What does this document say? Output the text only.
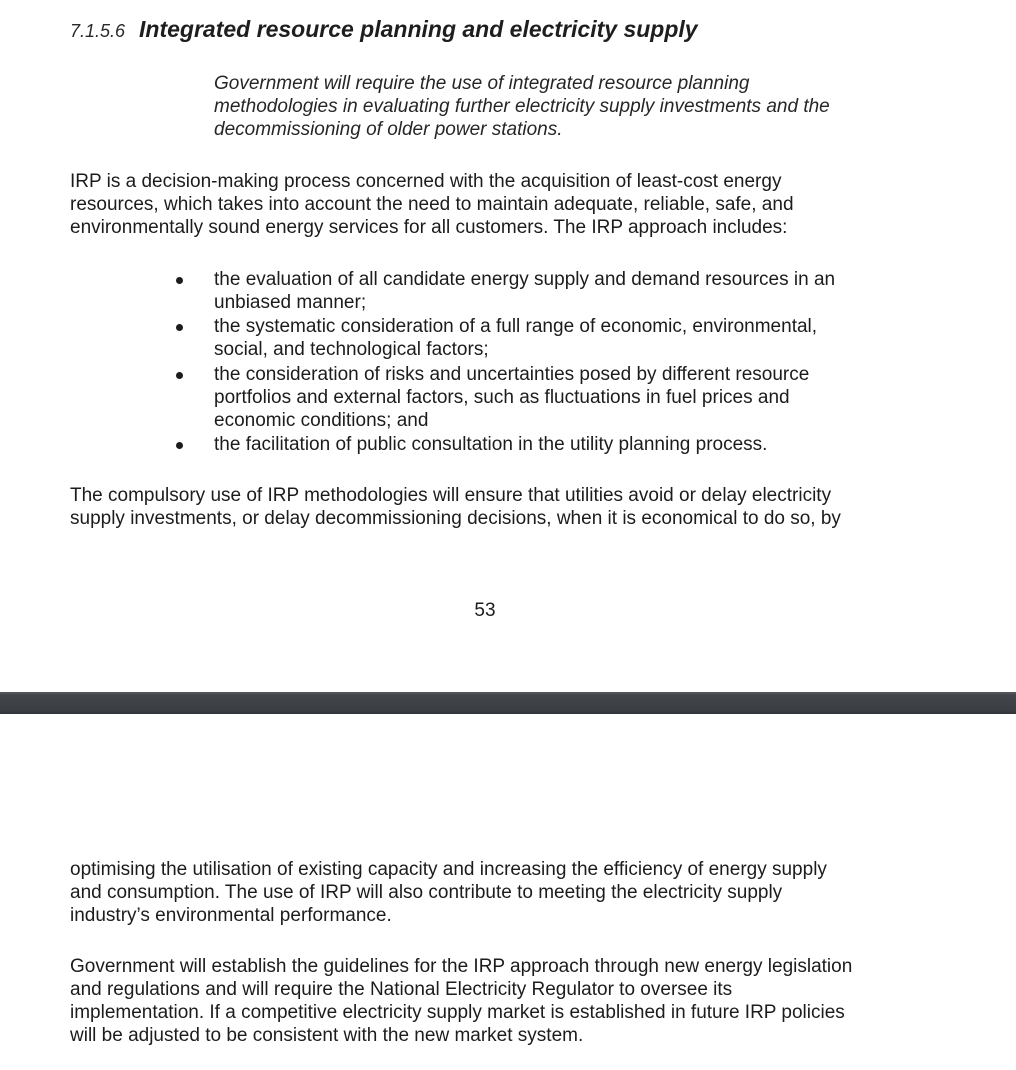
7.1.5.6 Integrated resource planning and electricity supply

Government will require the use of integrated resource planning
methodologies in evaluating further electricity supply investments and the
decommissioning of older power stations.

IRP is a decision-making process concerned with the acquisition of least-cost energy
resources, which takes into account the need to maintain adequate, reliable, safe, and
environmentally sound energy services for all customers. The IRP approach includes:

the evaluation of all candidate energy supply and demand resources in an
unbiased manner;

the systematic consideration of a full range of economic, environmental,
social, and technological factors;

the consideration of risks and uncertainties posed by different resource
portfolios and external factors, such as fluctuations in fuel prices and
economic conditions; and

the facilitation of public consultation in the utility planning process.

The compulsory use of IRP methodologies will ensure that utilities avoid or delay electricity
supply investments, or delay decommissioning decisions, when it is economical to do so, by

53

optimising the utilisation of existing capacity and increasing the efficiency of energy supply
and consumption. The use of IRP will also contribute to meeting the electricity supply
industry’s environmental performance.

Government will establish the guidelines for the IRP approach through new energy legislation
and regulations and will require the National Electricity Regulator to oversee its
implementation. If a competitive electricity supply market is established in future IRP policies
will be adjusted to be consistent with the new market system.
